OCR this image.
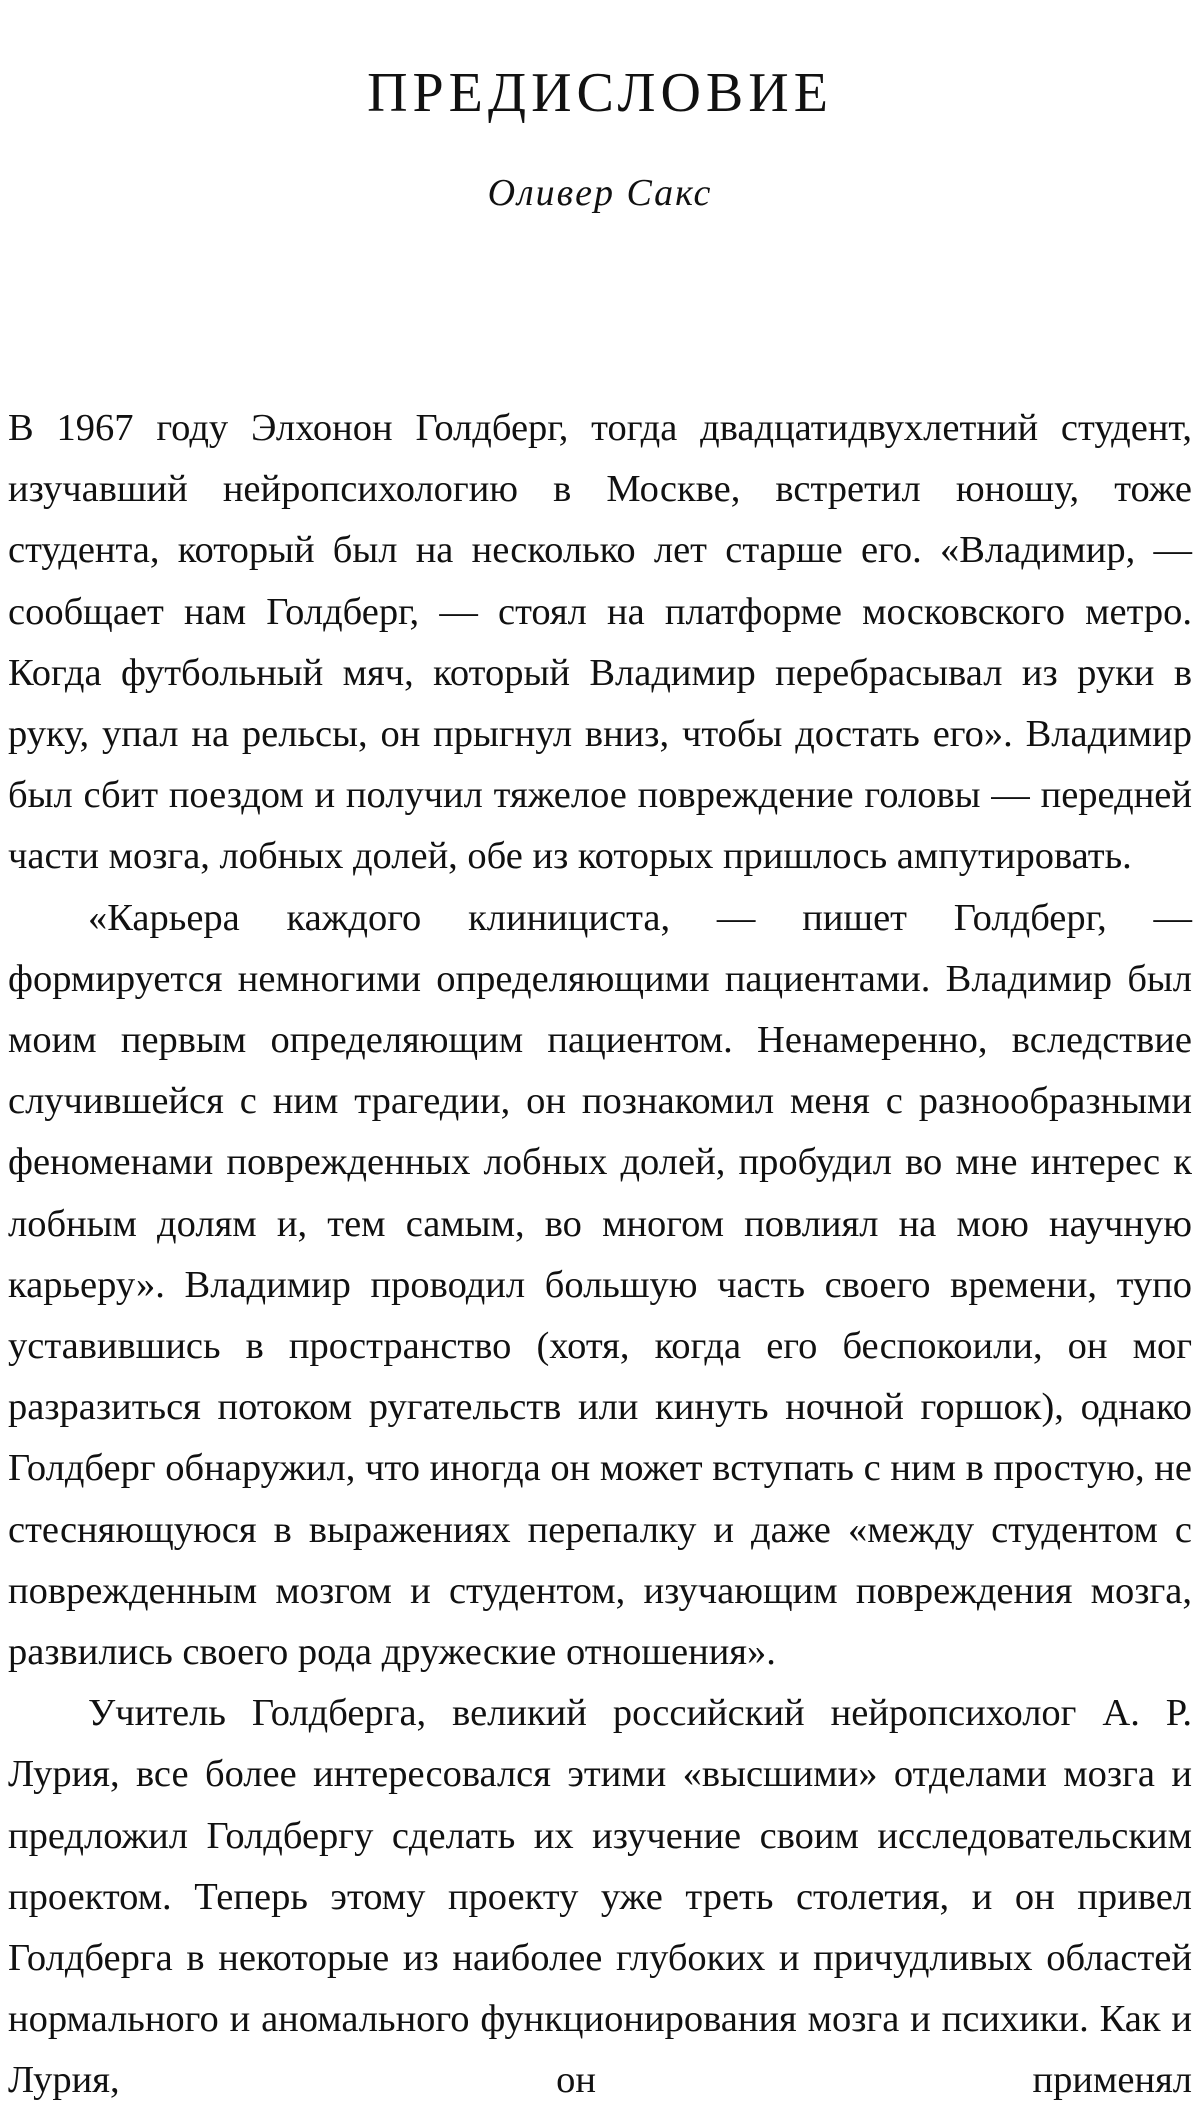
ПРЕДИСЛОВИЕ
Оливер Сакс

В 1967 году Элхонон Голдберг, тогда двадцатидвухлетний студент, изучавший нейропсихологию в Москве, встретил юношу, тоже студента, который был на несколько лет старше его. «Владимир, — сообщает нам Голдберг, — стоял на платформе московского метро. Когда футбольный мяч, который Владимир перебрасывал из руки в руку, упал на рельсы, он прыгнул вниз, чтобы достать его». Владимир был сбит поездом и получил тяжелое повреждение головы — передней части мозга, лобных долей, обе из которых пришлось ампутировать.

«Карьера каждого клинициста, — пишет Голдберг, — формируется немногими определяющими пациентами. Владимир был моим первым определяющим пациентом. Ненамеренно, вследствие случившейся с ним трагедии, он познакомил меня с разнообразными феноменами поврежденных лобных долей, пробудил во мне интерес к лобным долям и, тем самым, во многом повлиял на мою научную карьеру». Владимир проводил большую часть своего времени, тупо уставившись в пространство (хотя, когда его беспокоили, он мог разразиться потоком ругательств или кинуть ночной горшок), однако Голдберг обнаружил, что иногда он может вступать с ним в простую, не стесняющуюся в выражениях перепалку и даже «между студентом с поврежденным мозгом и студентом, изучающим повреждения мозга, развились своего рода дружеские отношения».

Учитель Голдберга, великий российский нейропсихолог А. Р. Лурия, все более интересовался этими «высшими» отделами мозга и предложил Голдбергу сделать их изучение своим исследовательским проектом. Теперь этому проекту уже треть столетия, и он привел Голдберга в некоторые из наиболее глубоких и причудливых областей нормального и аномального функционирования мозга и психики. Как и Лурия, он применял
